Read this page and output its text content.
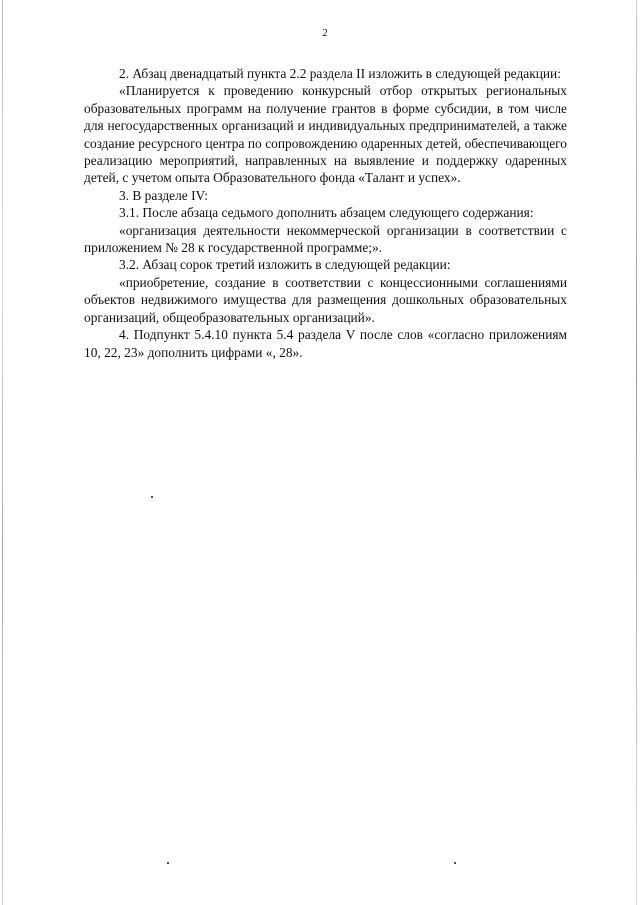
2

2. Абзац двенадцатый пункта 2.2 раздела II изложить в следующей редакции:

«Планируется к проведению конкурсный отбор открытых региональных образовательных программ на получение грантов в форме субсидии, в том числе для негосударственных организаций и индивидуальных предпринимателей, а также создание ресурсного центра по сопровождению одаренных детей, обеспечивающего реализацию мероприятий, направленных на выявление и поддержку одаренных детей, с учетом опыта Образовательного фонда «Талант и успех».

3. В разделе IV:

3.1. После абзаца седьмого дополнить абзацем следующего содержания:

«организация деятельности некоммерческой организации в соответствии с приложением № 28 к государственной программе;».

3.2. Абзац сорок третий изложить в следующей редакции:

«приобретение, создание в соответствии с концессионными соглашениями объектов недвижимого имущества для размещения дошкольных образовательных организаций, общеобразовательных организаций».

4. Подпункт 5.4.10 пункта 5.4 раздела V после слов «согласно приложениям 10, 22, 23» дополнить цифрами «, 28».
